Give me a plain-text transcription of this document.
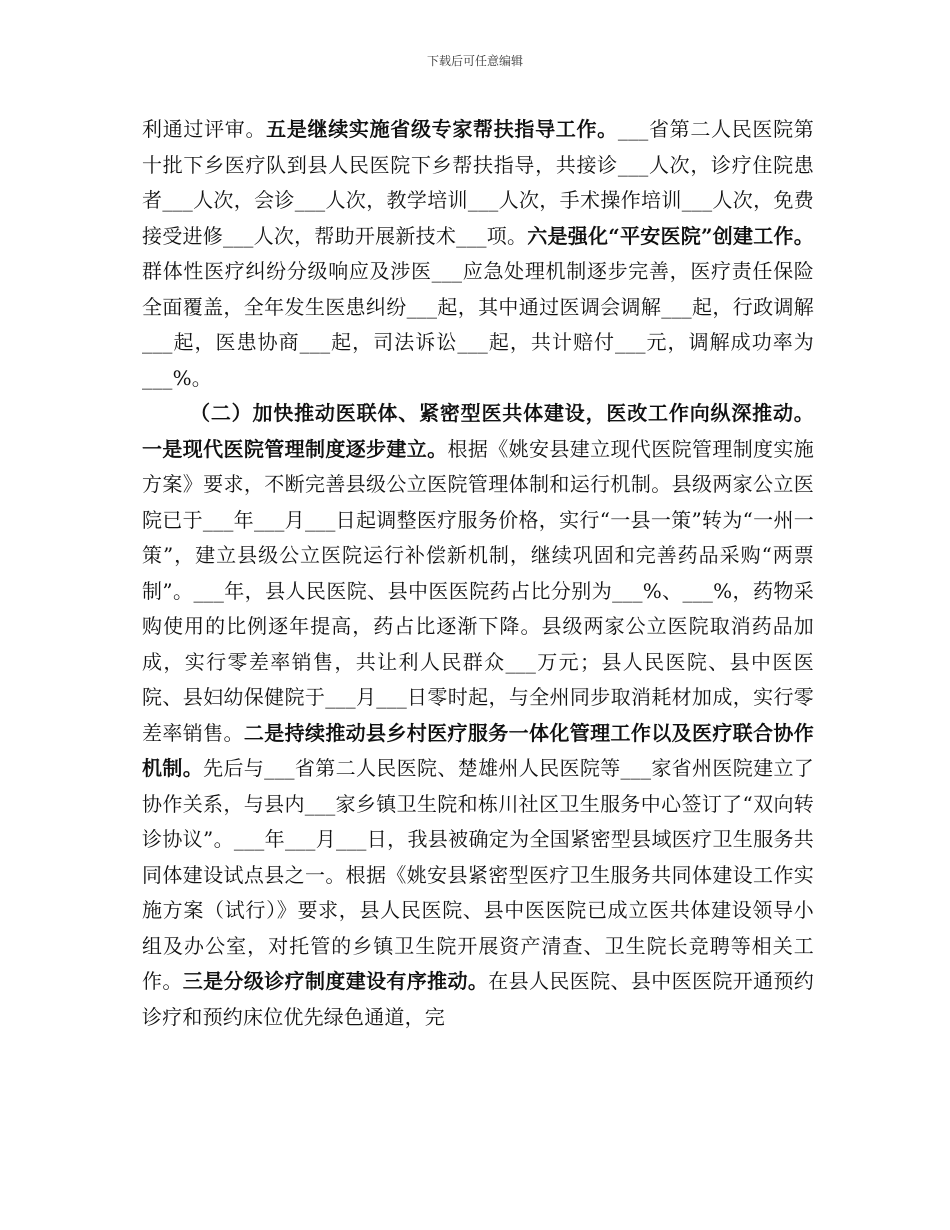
下载后可任意编辑

利通过评审。五是继续实施省级专家帮扶指导工作。___省第二人民医院第十批下乡医疗队到县人民医院下乡帮扶指导，共接诊___人次，诊疗住院患者___人次，会诊___人次，教学培训___人次，手术操作培训___人次，免费接受进修___人次，帮助开展新技术___项。六是强化“平安医院”创建工作。群体性医疗纠纷分级响应及涉医___应急处理机制逐步完善，医疗责任保险全面覆盖，全年发生医患纠纷___起，其中通过医调会调解___起，行政调解___起，医患协商___起，司法诉讼___起，共计赔付___元，调解成功率为___%。

（二）加快推动医联体、紧密型医共体建设，医改工作向纵深推动。一是现代医院管理制度逐步建立。根据《姚安县建立现代医院管理制度实施方案》要求，不断完善县级公立医院管理体制和运行机制。县级两家公立医院已于___年___月___日起调整医疗服务价格，实行“一县一策”转为“一州一策”，建立县级公立医院运行补偿新机制，继续巩固和完善药品采购“两票制”。___年，县人民医院、县中医医院药占比分别为___%、___%，药物采购使用的比例逐年提高，药占比逐渐下降。县级两家公立医院取消药品加成，实行零差率销售，共让利人民群众___万元；县人民医院、县中医医院、县妇幼保健院于___月___日零时起，与全州同步取消耗材加成，实行零差率销售。二是持续推动县乡村医疗服务一体化管理工作以及医疗联合协作机制。先后与___省第二人民医院、楚雄州人民医院等___家省州医院建立了协作关系，与县内___家乡镇卫生院和栋川社区卫生服务中心签订了“双向转诊协议”。___年___月___日，我县被确定为全国紧密型县域医疗卫生服务共同体建设试点县之一。根据《姚安县紧密型医疗卫生服务共同体建设工作实施方案（试行）》要求，县人民医院、县中医医院已成立医共体建设领导小组及办公室，对托管的乡镇卫生院开展资产清查、卫生院长竞聘等相关工作。三是分级诊疗制度建设有序推动。在县人民医院、县中医医院开通预约诊疗和预约床位优先绿色通道，完
